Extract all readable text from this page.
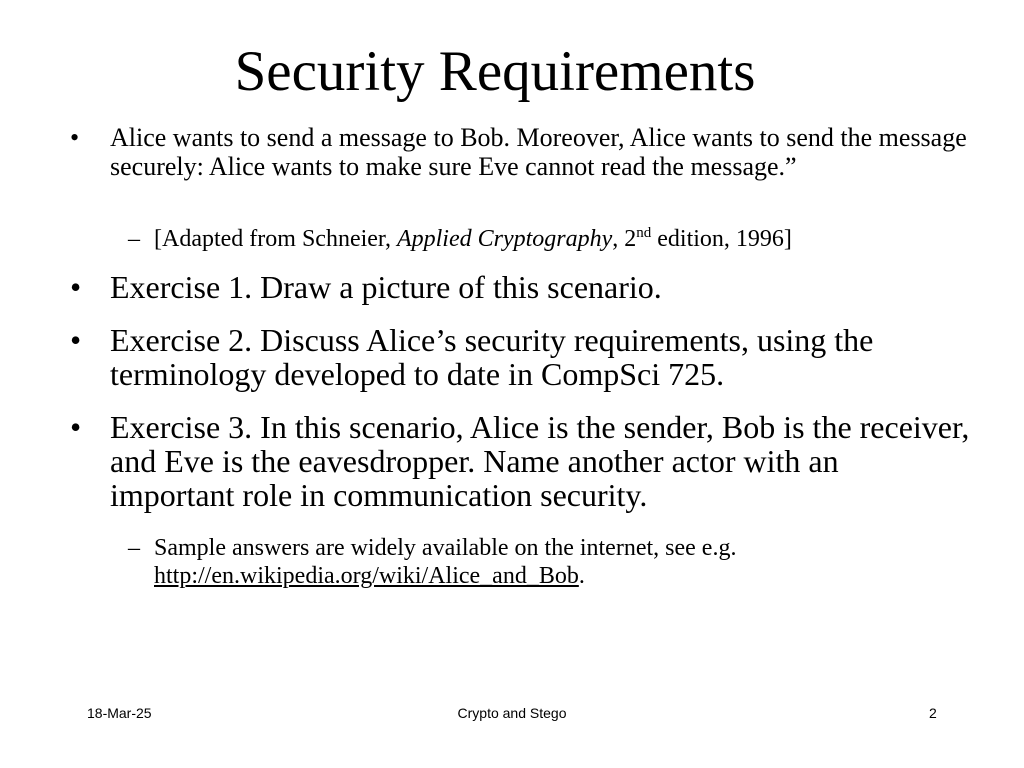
Security Requirements
• Alice wants to send a message to Bob. Moreover, Alice wants to send the message securely: Alice wants to make sure Eve cannot read the message.”
– [Adapted from Schneier, Applied Cryptography, 2nd edition, 1996]
• Exercise 1. Draw a picture of this scenario.
• Exercise 2. Discuss Alice’s security requirements, using the terminology developed to date in CompSci 725.
• Exercise 3. In this scenario, Alice is the sender, Bob is the receiver, and Eve is the eavesdropper. Name another actor with an important role in communication security.
– Sample answers are widely available on the internet, see e.g. http://en.wikipedia.org/wiki/Alice_and_Bob.
18-Mar-25	Crypto and Stego	2
